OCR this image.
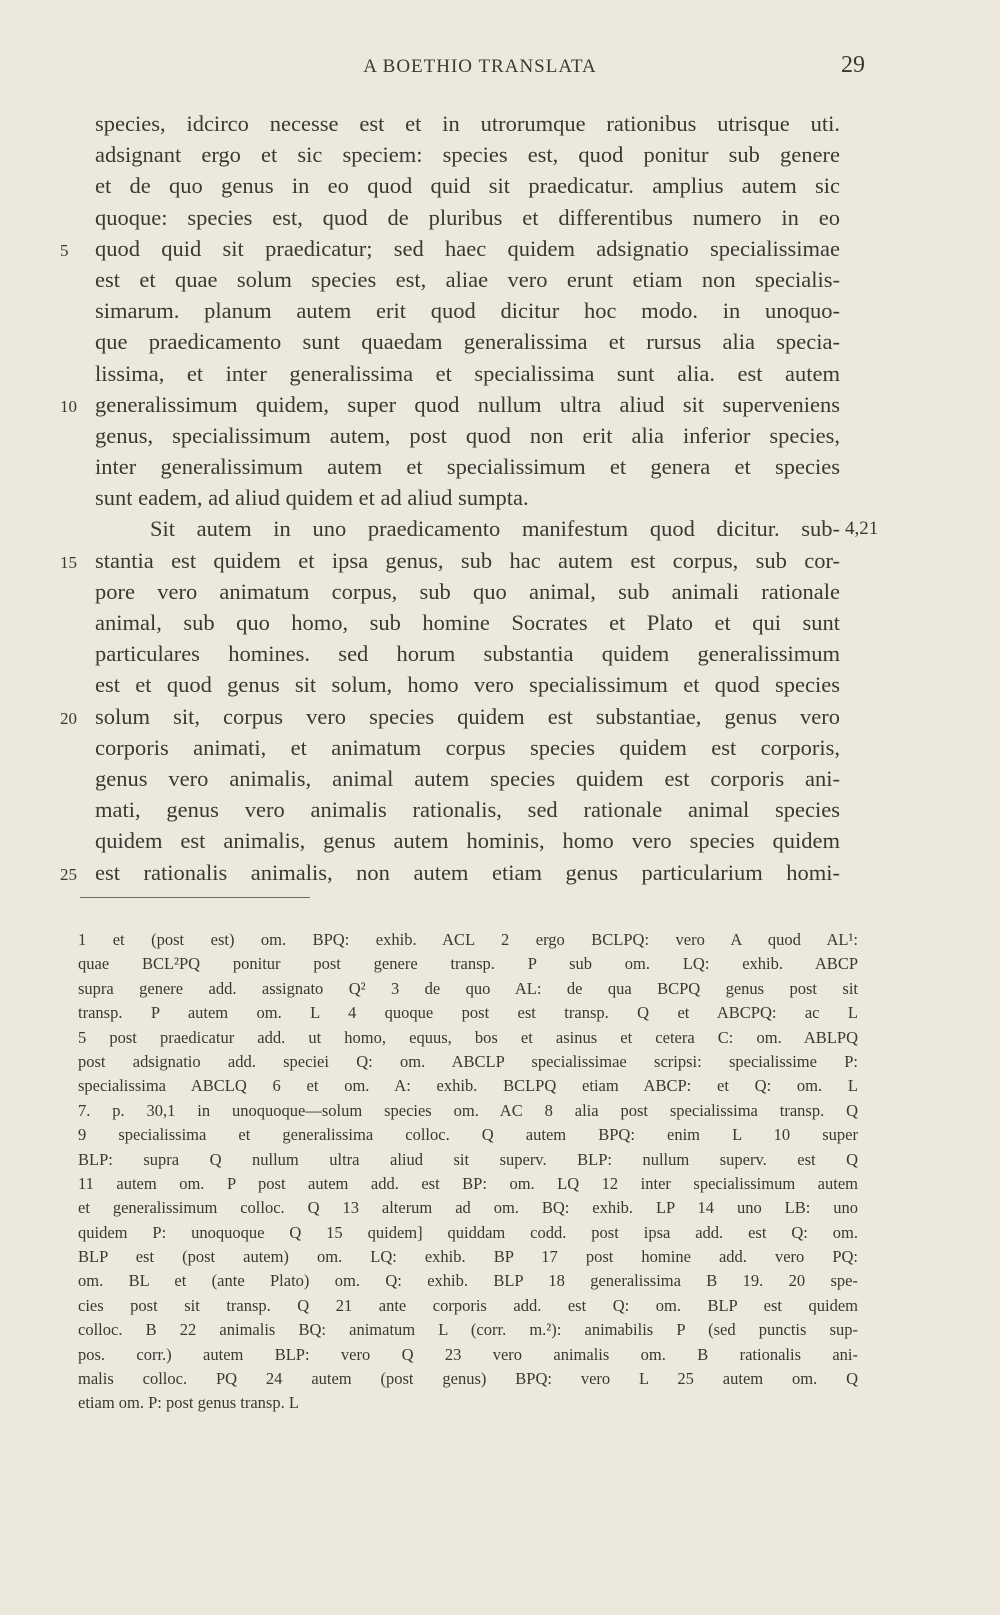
A BOETHIO TRANSLATA	29
species, idcirco necesse est et in utrorumque rationibus utrisque uti.
adsignant ergo et sic speciem: species est, quod ponitur sub genere
et de quo genus in eo quod quid sit praedicatur. amplius autem sic
quoque: species est, quod de pluribus et differentibus numero in eo
5	quod quid sit praedicatur; sed haec quidem adsignatio specialissimae
est et quae solum species est, aliae vero erunt etiam non specialis-
simarum. planum autem erit quod dicitur hoc modo. in unoquo-
que praedicamento sunt quaedam generalissima et rursus alia specia-
lissima, et inter generalissima et specialissima sunt alia. est autem
10 generalissimum quidem, super quod nullum ultra aliud sit superveniens
genus, specialissimum autem, post quod non erit alia inferior species,
inter generalissimum autem et specialissimum et genera et species
sunt eadem, ad aliud quidem et ad aliud sumpta.
Sit autem in uno praedicamento manifestum quod dicitur. sub- 4,21
15 stantia est quidem et ipsa genus, sub hac autem est corpus, sub cor-
pore vero animatum corpus, sub quo animal, sub animali rationale
animal, sub quo homo, sub homine Socrates et Plato et qui sunt
particulares homines. sed horum substantia quidem generalissimum
est et quod genus sit solum, homo vero specialissimum et quod species
20 solum sit, corpus vero species quidem est substantiae, genus vero
corporis animati, et animatum corpus species quidem est corporis,
genus vero animalis, animal autem species quidem est corporis ani-
mati, genus vero animalis rationalis, sed rationale animal species
quidem est animalis, genus autem hominis, homo vero species quidem
25 est rationalis animalis, non autem etiam genus particularium homi-
1 et (post est) om. BPQ: exhib. ACL 2 ergo BCLPQ: vero A quod AL¹:
quae BCL²PQ ponitur post genere transp. P sub om. LQ: exhib. ABCP
supra genere add. assignato Q² 3 de quo AL: de qua BCPQ genus post sit
transp. P autem om. L 4 quoque post est transp. Q et ABCPQ: ac L
5 post praedicatur add. ut homo, equus, bos et asinus et cetera C: om. ABLPQ
post adsignatio add. speciei Q: om. ABCLP specialissimae scripsi: specialissime P:
specialissima ABCLQ 6 et om. A: exhib. BCLPQ etiam ABCP: et Q: om. L
7. p. 30,1 in unoquoque—solum species om. AC 8 alia post specialissima transp. Q
9 specialissima et generalissima colloc. Q autem BPQ: enim L 10 super
BLP: supra Q nullum ultra aliud sit superv. BLP: nullum superv. est Q
11 autem om. P post autem add. est BP: om. LQ 12 inter specialissimum autem
et generalissimum colloc. Q 13 alterum ad om. BQ: exhib. LP 14 uno LB: uno
quidem P: unoquoque Q 15 quidem] quiddam codd. post ipsa add. est Q: om.
BLP est (post autem) om. LQ: exhib. BP 17 post homine add. vero PQ:
om. BL et (ante Plato) om. Q: exhib. BLP 18 generalissima B 19. 20 spe-
cies post sit transp. Q 21 ante corporis add. est Q: om. BLP est quidem
colloc. B 22 animalis BQ: animatum L (corr. m.²): animabilis P (sed punctis sup-
pos. corr.) autem BLP: vero Q 23 vero animalis om. B rationalis ani-
malis colloc. PQ 24 autem (post genus) BPQ: vero L 25 autem om. Q
etiam om. P: post genus transp. L
